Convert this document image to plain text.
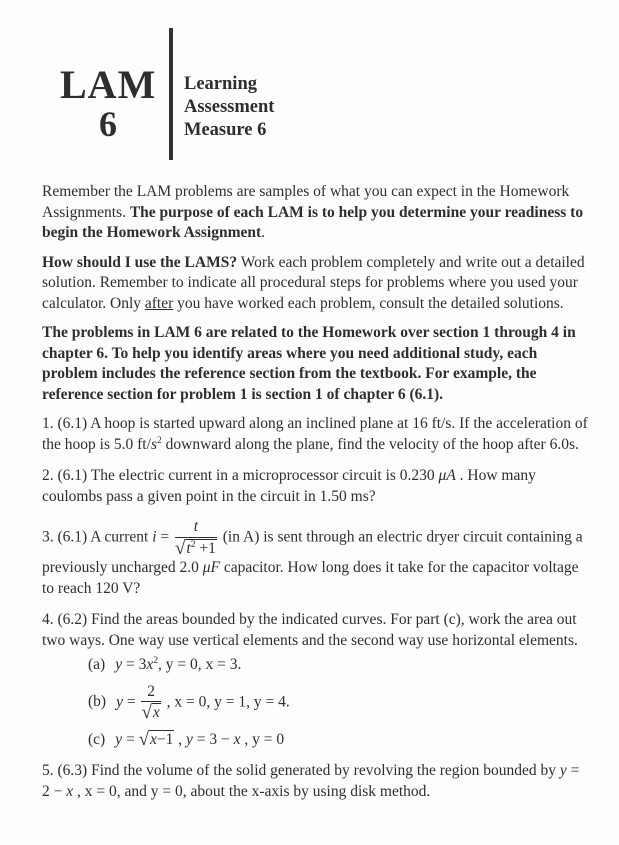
LAM
6
Learning
Assessment
Measure 6

Remember the LAM problems are samples of what you can expect in the Homework Assignments. The purpose of each LAM is to help you determine your readiness to begin the Homework Assignment.

How should I use the LAMS? Work each problem completely and write out a detailed solution. Remember to indicate all procedural steps for problems where you used your calculator. Only after you have worked each problem, consult the detailed solutions.

The problems in LAM 6 are related to the Homework over section 1 through 4 in chapter 6. To help you identify areas where you need additional study, each problem includes the reference section from the textbook. For example, the reference section for problem 1 is section 1 of chapter 6 (6.1).

1. (6.1) A hoop is started upward along an inclined plane at 16 ft/s. If the acceleration of the hoop is 5.0 $ft/s^2$ downward along the plane, find the velocity of the hoop after 6.0s.

2. (6.1) The electric current in a microprocessor circuit is 0.230 μA . How many coulombs pass a given point in the circuit in 1.50 ms?

3. (6.1) A current $i = \frac{t}{√t^2 +1} (in$ A) is sent through an electric dryer circuit containing a previously uncharged 2.0 μF capacitor. How long does it take for the capacitor voltage to reach 120 V?

4. (6.2) Find the areas bounded by the indicated curves. For part (c), work the area out two ways. One way use vertical elements and the second way use horizontal elements.

(a) $y = 3x^2$, y = 0, x = 3.
(b) $y = \frac{2}{√x}$ , x = 0, y = 1, y = 4.
(c) y = √x−1 , y = 3 − x , y = 0

5. (6.3) Find the volume of the solid generated by revolving the region bounded by y = 2 − x , x = 0, and y = 0, about the x-axis by using disk method.
